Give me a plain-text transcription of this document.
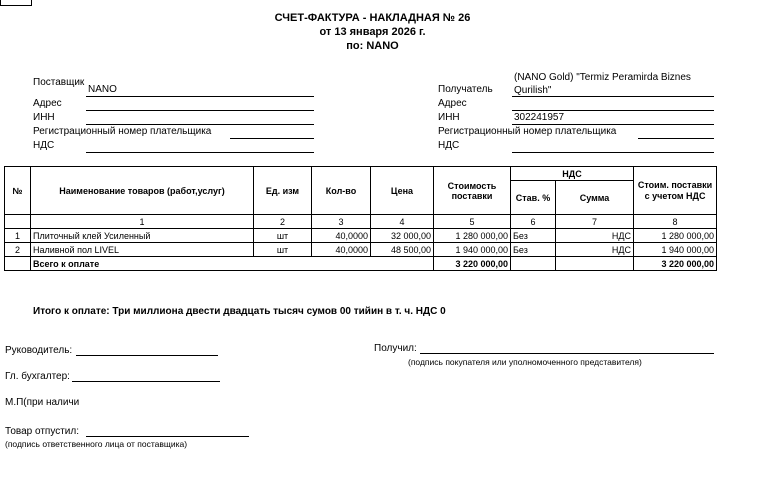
СЧЕТ-ФАКТУРА - НАКЛАДНАЯ № 26
от 13 января 2026 г.
по: NANO
Поставщик
NANO
Адрес
ИНН
Регистрационный номер плательщика
НДС
Получатель
(NANO Gold) "Termiz Peramirda Biznes Qurilish"
Адрес
ИНН	302241957
Регистрационный номер плательщика
НДС
№	Наименование товаров (работ,услуг)	Ед. изм	Кол-во	Цена	Стоимость поставки	НДС		Стоим. поставки с учетом НДС
						Став. %	Сумма	
	1	2	3	4	5	6	7	8
1	Плиточный клей Усиленный	шт	40,0000	32 000,00	1 280 000,00	Без	НДС	1 280 000,00
2	Наливной пол LIVEL	шт	40,0000	48 500,00	1 940 000,00	Без	НДС	1 940 000,00
	Всего к оплате				3 220 000,00			3 220 000,00
Итого к оплате: Три миллиона двести двадцать тысяч сумов 00 тийин в т. ч. НДС 0
Руководитель:
Гл. бухгалтер:
М.П(при наличи
Товар отпустил:
(подпись ответственного лица от поставщика)
Получил:
(подпись покупателя или уполномоченного представителя)
